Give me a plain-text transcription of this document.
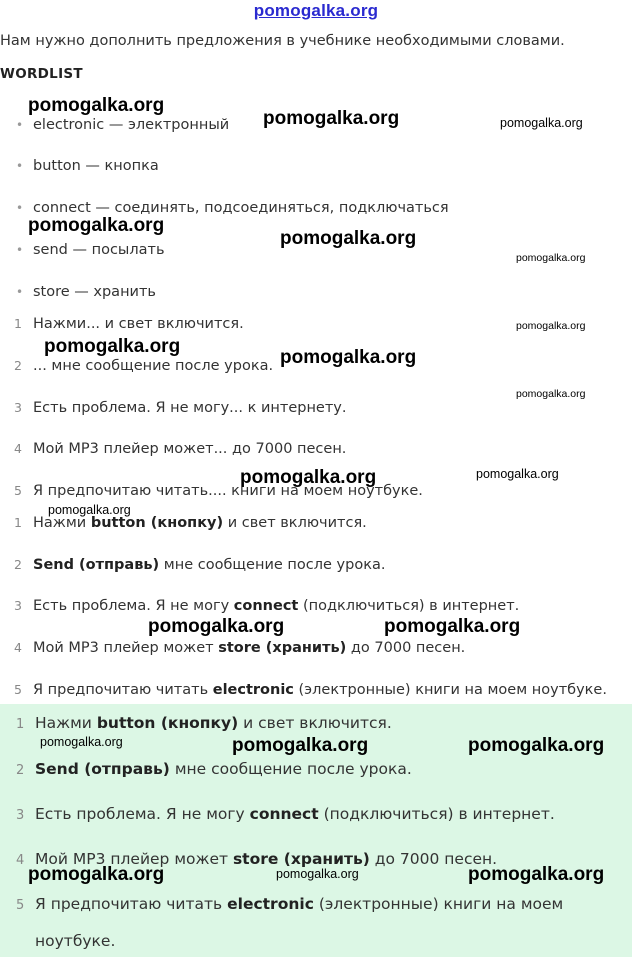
pomogalka.org
Нам нужно дополнить предложения в учебнике необходимыми словами.
WORDLIST
• electronic — электронный
• button — кнопка
• connect — соединять, подсоединяться, подключаться
• send — посылать
• store — хранить
1 Нажми... и свет включится.
2 ... мне сообщение после урока.
3 Есть проблема. Я не могу... к интернету.
4 Мой МР3 плейер может... до 7000 песен.
5 Я предпочитаю читать.... книги на моем ноутбуке.
1 Нажми button (кнопку) и свет включится.
2 Send (отправь) мне сообщение после урока.
3 Есть проблема. Я не могу connect (подключиться) в интернет.
4 Мой МР3 плейер может store (хранить) до 7000 песен.
5 Я предпочитаю читать electronic (электронные) книги на моем ноутбуке.
1 Нажми button (кнопку) и свет включится.
2 Send (отправь) мне сообщение после урока.
3 Есть проблема. Я не могу connect (подключиться) в интернет.
4 Мой МР3 плейер может store (хранить) до 7000 песен.
5 Я предпочитаю читать electronic (электронные) книги на моем
ноутбуке.
pomogalka.org
pomogalka.org	pomogalka.org
pomogalka.org
pomogalka.org
pomogalka.org
pomogalka.org
pomogalka.org
pomogalka.org
pomogalka.org
pomogalka.org	pomogalka.org
pomogalka.org
pomogalka.org	pomogalka.org
pomogalka.org	pomogalka.org	pomogalka.org
pomogalka.org	pomogalka.org	pomogalka.org
